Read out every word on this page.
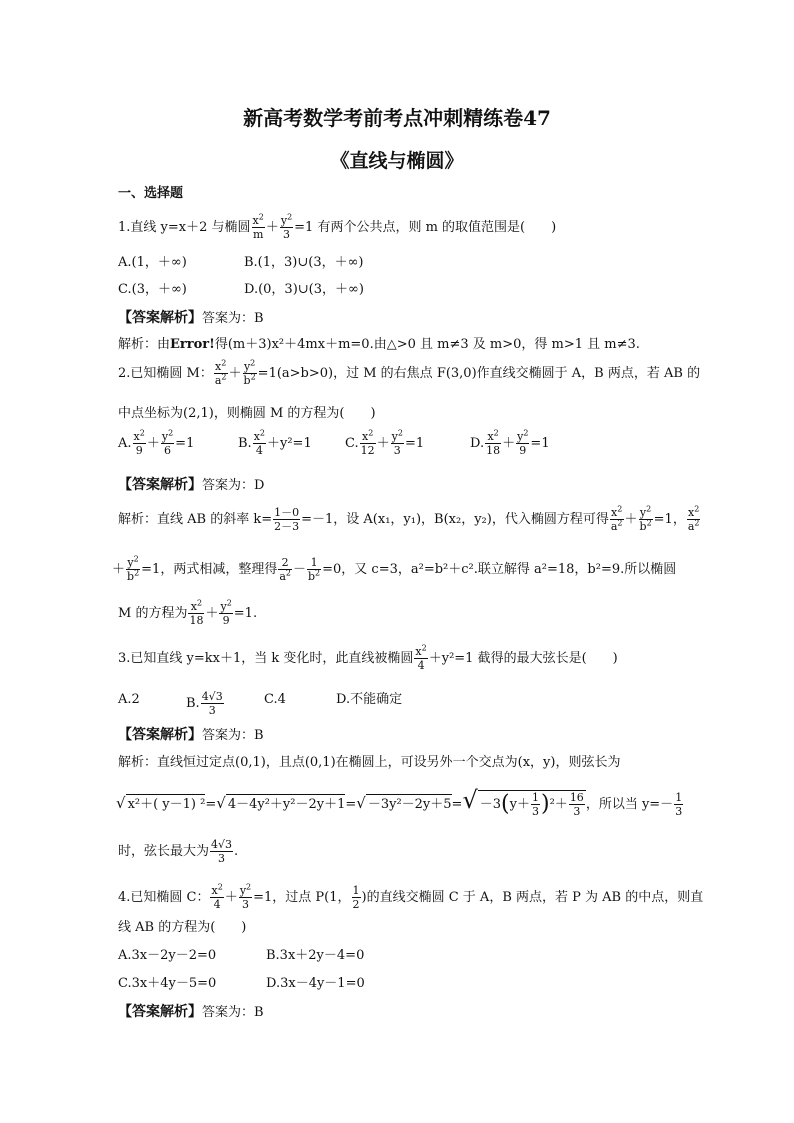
新高考数学考前考点冲刺精练卷47
《直线与椭圆》
一、选择题
1.直线 y=x＋2 与椭圆 $\frac{x^2}{m} + \frac{y^2}{3} =1$ 有两个公共点，则 m 的取值范围是(　　)
A.(1，＋∞)	B.(1，3)∪(3，＋∞)
C.(3，＋∞)	D.(0，3)∪(3，＋∞)
【答案解析】答案为：B
解析：由Error!得(m＋3)x²＋4mx＋m=0.由△>0 且 m≠3 及 m>0，得 m>1 且 m≠3.
2.已知椭圆 M： $\frac{x^2}{a^2} + \frac{y^2}{b^2} =1(a>b>0)$，过 M 的右焦点 F(3,0)作直线交椭圆于 A，B 两点，若 AB 的
中点坐标为(2,1)，则椭圆 M 的方程为(　　)
A. $\frac{x^2}{9} + \frac{y^2}{6} =1$	B. $\frac{x^2}{4} +y^2=1$	C. $\frac{x^2}{12} + \frac{y^2}{3} =1$	D. $\frac{x^2}{18} + \frac{y^2}{9} =1$
【答案解析】答案为：D
解析：直线 AB 的斜率 $k= \frac{1-0}{2-3} =-1$，设 A(x₁，y₁)，B(x₂，y₂)，代入椭圆方程可得 $\frac{x^2}{a^2} + \frac{y^2}{b^2} =1$， $\frac{x^2}{a^2}$
＋ $\frac{y^2}{b^2} =1$，两式相减，整理得 $\frac{2}{a^2} - \frac{1}{b^2} =0$，又 c=3，a²=b²＋c².联立解得 a²=18，b²=9.所以椭圆
M 的方程为 $\frac{x^2}{18} + \frac{y^2}{9} =1$.
3.已知直线 y=kx＋1，当 k 变化时，此直线被椭圆 $\frac{x^2}{4} +y^2=1$ 截得的最大弦长是(　　)
A.2	B. $\frac{4√3}{3}$	C.4	D.不能确定
【答案解析】答案为：B
解析：直线恒过定点(0,1)，且点(0,1)在椭圆上，可设另外一个交点为(x，y)，则弦长为
√ x²＋( y－1) ²=√ $4-4y^2+y^2-2y+1=√ -3y^2-2y+5=√ -3(y+ \frac{1}{3} )^2+ \frac{16}{3}$ ，所以当 $y=- \frac{1}{3}$
时，弦长最大为 $\frac{4√3}{3}$ .
4.已知椭圆 C： $\frac{x^2}{4} + \frac{y^2}{3} =1$，过点 P(1， $\frac{1}{2}$ )的直线交椭圆 C 于 A，B 两点，若 P 为 AB 的中点，则直
线 AB 的方程为(　　)
A.3x－2y－2=0	B.3x＋2y－4=0
C.3x＋4y－5=0	D.3x－4y－1=0
【答案解析】答案为：B
